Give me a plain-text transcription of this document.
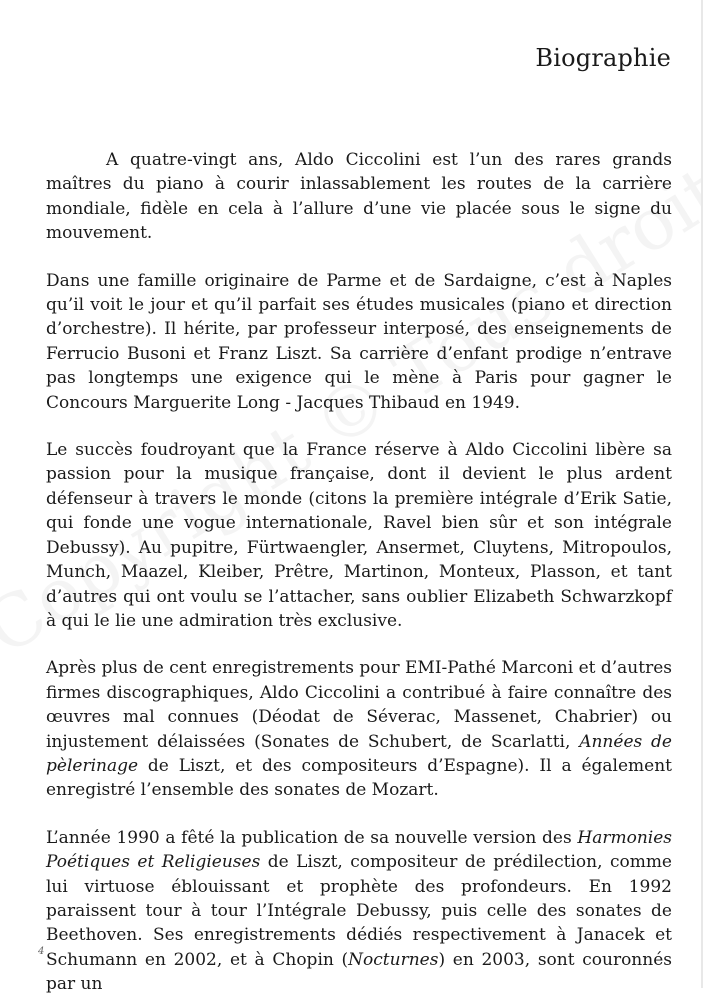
Biographie

A quatre-vingt ans, Aldo Ciccolini est l’un des rares grands maîtres du piano à courir inlassablement les routes de la carrière mondiale, fidèle en cela à l’allure d’une vie placée sous le signe du mouvement.

Dans une famille originaire de Parme et de Sardaigne, c’est à Naples qu’il voit le jour et qu’il parfait ses études musicales (piano et direction d’orchestre). Il hérite, par professeur interposé, des enseignements de Ferrucio Busoni et Franz Liszt. Sa carrière d’enfant prodige n’entrave pas longtemps une exigence qui le mène à Paris pour gagner le Concours Marguerite Long - Jacques Thibaud en 1949.

Le succès foudroyant que la France réserve à Aldo Ciccolini libère sa passion pour la musique française, dont il devient le plus ardent défenseur à travers le monde (citons la première intégrale d’Erik Satie, qui fonde une vogue internationale, Ravel bien sûr et son intégrale Debussy). Au pupitre, Fürtwaengler, Ansermet, Cluytens, Mitropoulos, Munch, Maazel, Kleiber, Prêtre, Martinon, Monteux, Plasson, et tant d’autres qui ont voulu se l’attacher, sans oublier Elizabeth Schwarzkopf à qui le lie une admiration très exclusive.

Après plus de cent enregistrements pour EMI-Pathé Marconi et d’autres firmes discographiques, Aldo Ciccolini a contribué à faire connaître des œuvres mal connues (Déodat de Séverac, Massenet, Chabrier) ou injustement délaissées (Sonates de Schubert, de Scarlatti, Années de pèlerinage de Liszt, et des compositeurs d’Espagne). Il a également enregistré l’ensemble des sonates de Mozart.

L’année 1990 a fêté la publication de sa nouvelle version des Harmonies Poétiques et Religieuses de Liszt, compositeur de prédilection, comme lui virtuose éblouissant et prophète des profondeurs. En 1992 paraissent tour à tour l’Intégrale Debussy, puis celle des sonates de Beethoven. Ses enregistrements dédiés respectivement à Janacek et Schumann en 2002, et à Chopin (Nocturnes) en 2003, sont couronnés par un

4
